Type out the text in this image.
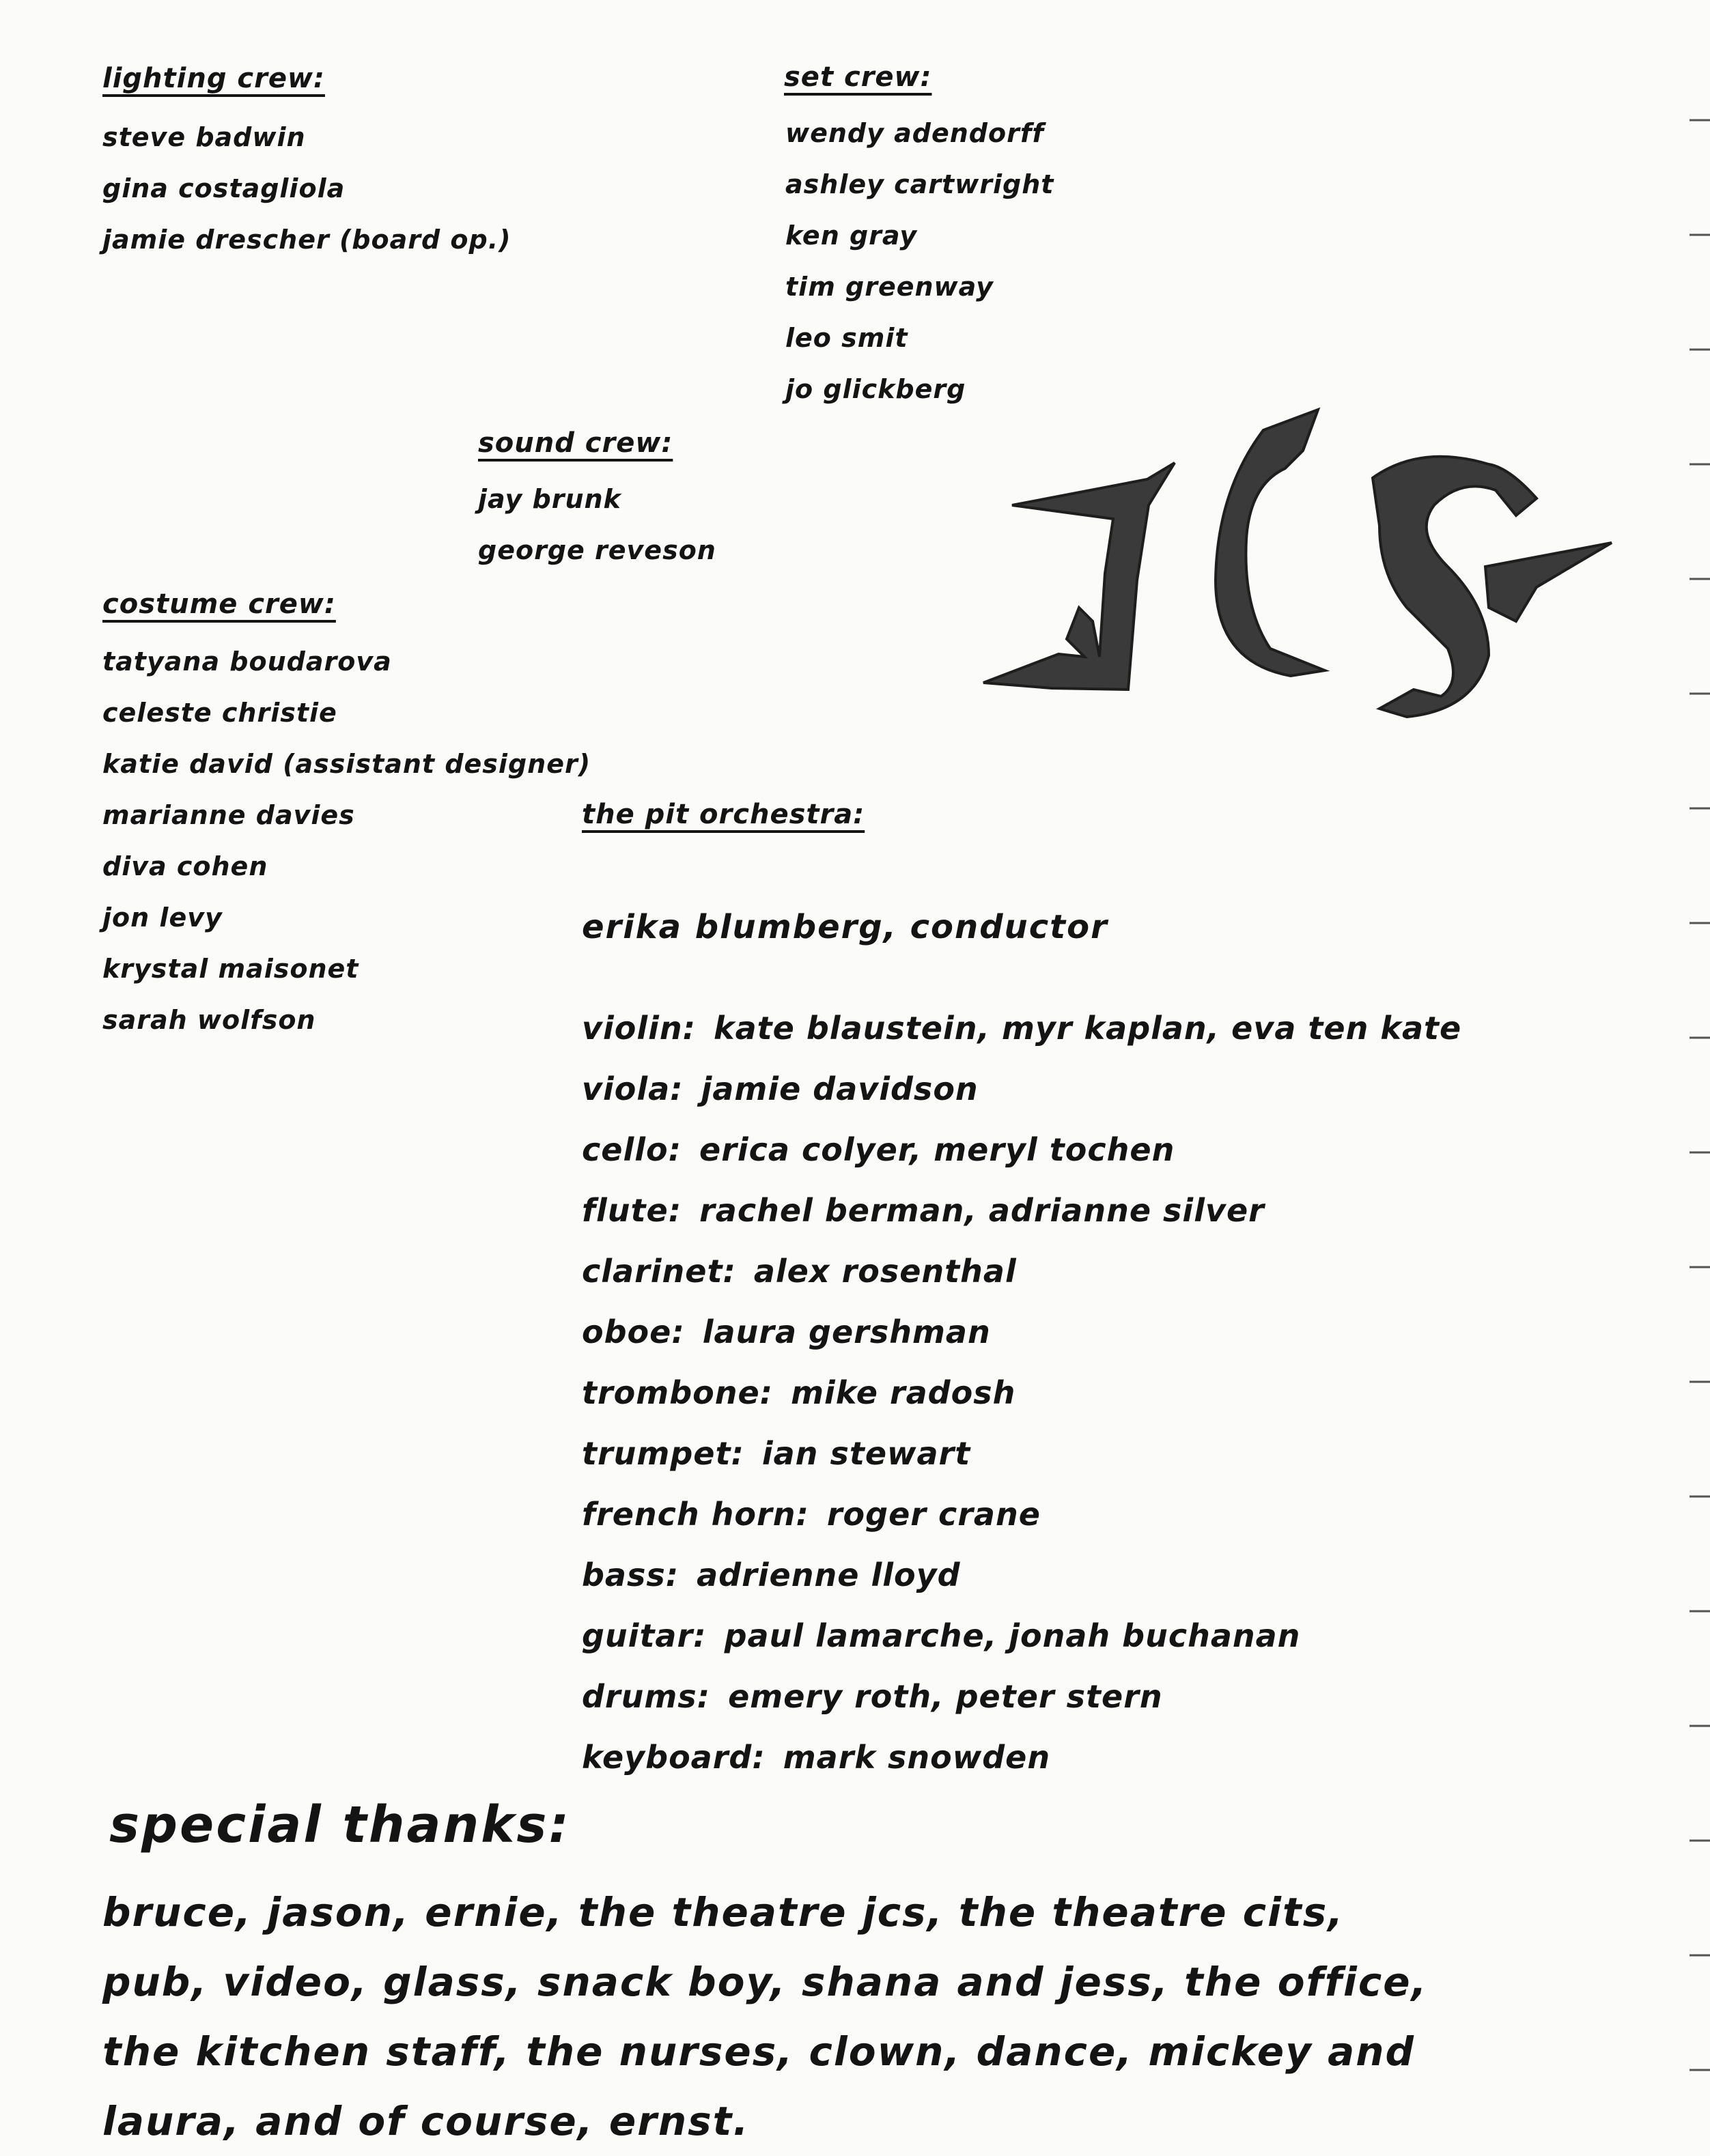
lighting crew:
steve badwin
gina costagliola
jamie drescher (board op.)
set crew:
wendy adendorff
ashley cartwright
ken gray
tim greenway
leo smit
jo glickberg
sound crew:
jay brunk
george reveson
costume crew:
tatyana boudarova
celeste christie
katie david (assistant designer)
marianne davies
diva cohen
jon levy
krystal maisonet
sarah wolfson
the pit orchestra:

erika blumberg, conductor

violin: kate blaustein, myr kaplan, eva ten kate
viola: jamie davidson
cello: erica colyer, meryl tochen
flute: rachel berman, adrianne silver
clarinet: alex rosenthal
oboe: laura gershman
trombone: mike radosh
trumpet: ian stewart
french horn: roger crane
bass: adrienne lloyd
guitar: paul lamarche, jonah buchanan
drums: emery roth, peter stern
keyboard: mark snowden
special thanks:

bruce, jason, ernie, the theatre jcs, the theatre cits,
pub, video, glass, snack boy, shana and jess, the office,
the kitchen staff, the nurses, clown, dance, mickey and
laura, and of course, ernst.
